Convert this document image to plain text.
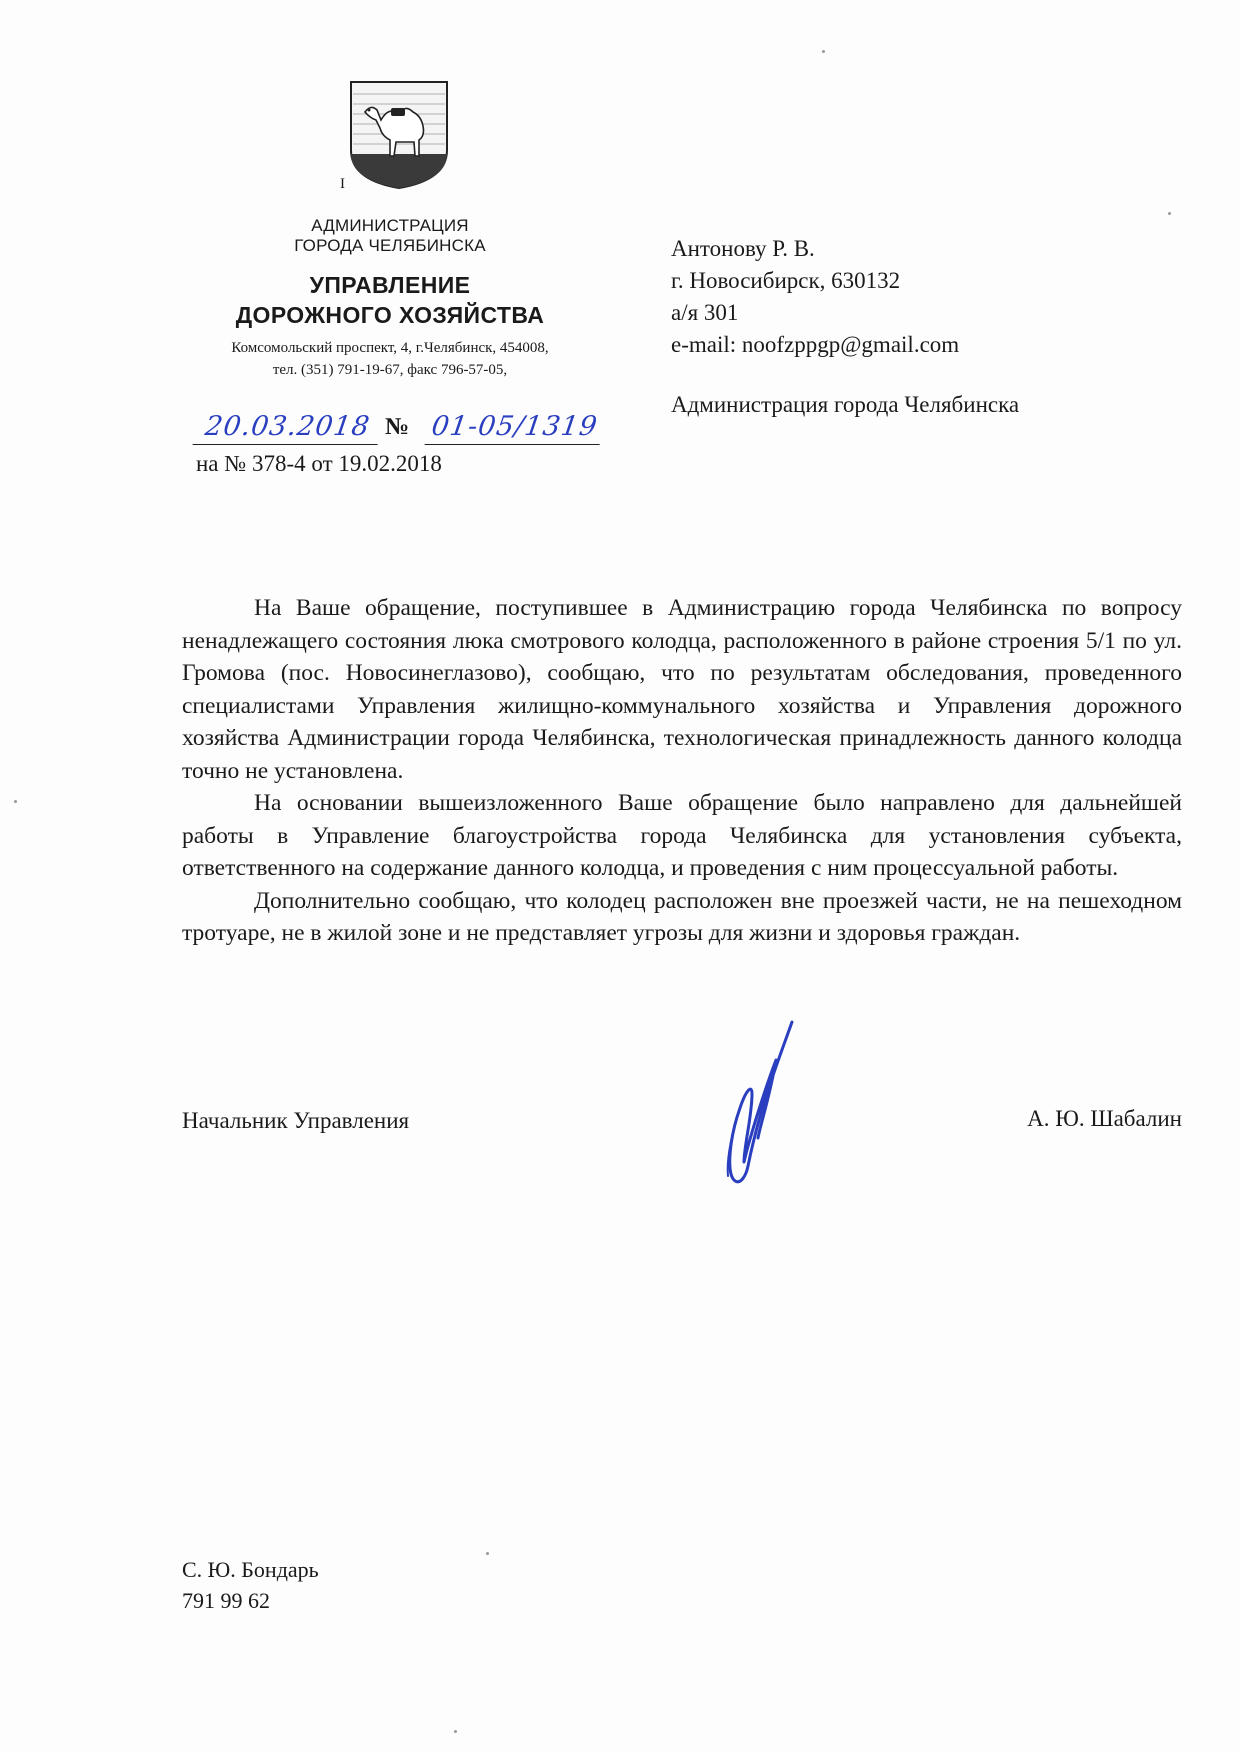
I
АДМИНИСТРАЦИЯ
ГОРОДА ЧЕЛЯБИНСКА
УПРАВЛЕНИЕ
ДОРОЖНОГО ХОЗЯЙСТВА
Комсомольский проспект, 4, г.Челябинск, 454008,
тел. (351) 791-19-67, факс 796-57-05,
20.03.2018 № 01-05/1319
на № 378-4 от 19.02.2018
Антонову Р. В.
г. Новосибирск, 630132
а/я 301
e-mail: noofzppgp@gmail.com
Администрация города Челябинска

На Ваше обращение, поступившее в Администрацию города Челябинска по вопросу ненадлежащего состояния люка смотрового колодца, расположенного в районе строения 5/1 по ул. Громова (пос. Новосинеглазово), сообщаю, что по результатам обследования, проведенного специалистами Управления жилищно-коммунального хозяйства и Управления дорожного хозяйства Администрации города Челябинска, технологическая принадлежность данного колодца точно не установлена.

На основании вышеизложенного Ваше обращение было направлено для дальнейшей работы в Управление благоустройства города Челябинска для установления субъекта, ответственного на содержание данного колодца, и проведения с ним процессуальной работы.

Дополнительно сообщаю, что колодец расположен вне проезжей части, не на пешеходном тротуаре, не в жилой зоне и не представляет угрозы для жизни и здоровья граждан.

Начальник Управления	А. Ю. Шабалин
С. Ю. Бондарь
791 99 62
